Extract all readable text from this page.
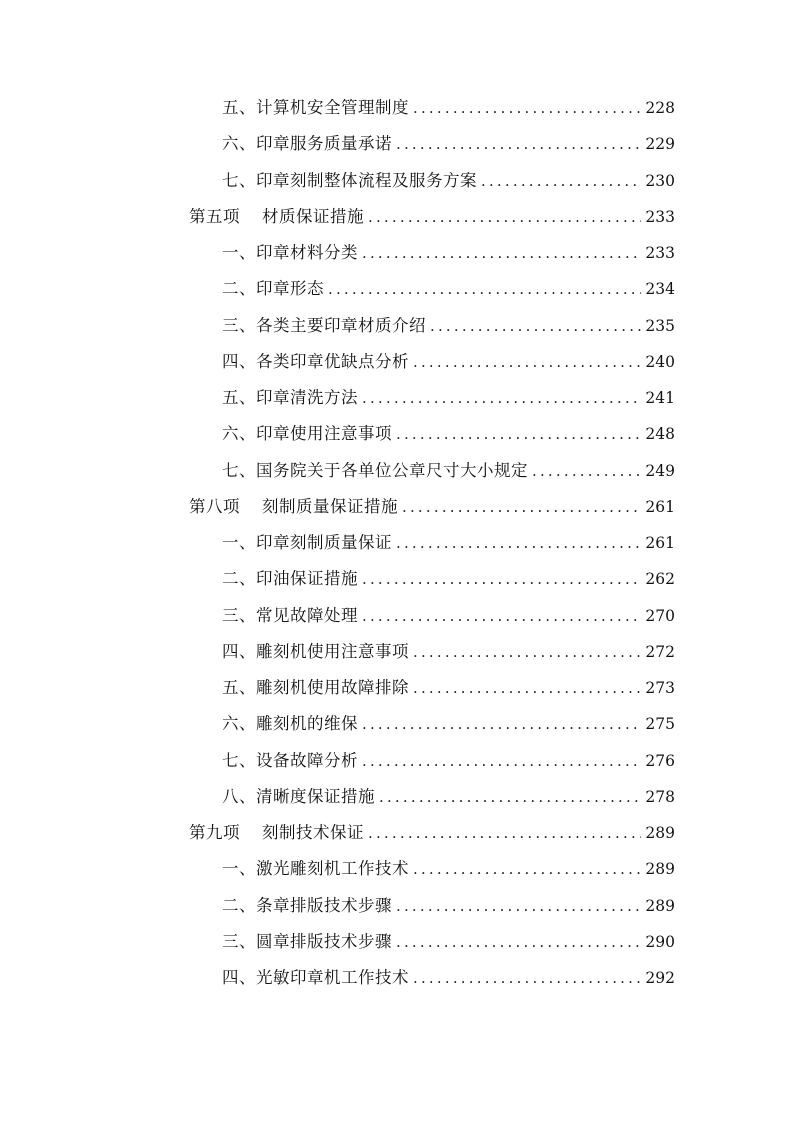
五、计算机安全管理制度 .....	228
六、印章服务质量承诺 .....	229
七、印章刻制整体流程及服务方案 .....	230
第五项 材质保证措施 .....	233
一、印章材料分类 .....	233
二、印章形态 .....	234
三、各类主要印章材质介绍 .....	235
四、各类印章优缺点分析 .....	240
五、印章清洗方法 .....	241
六、印章使用注意事项 .....	248
七、国务院关于各单位公章尺寸大小规定 .....	249
第八项 刻制质量保证措施 .....	261
一、印章刻制质量保证 .....	261
二、印油保证措施 .....	262
三、常见故障处理 .....	270
四、雕刻机使用注意事项 .....	272
五、雕刻机使用故障排除 .....	273
六、雕刻机的维保 .....	275
七、设备故障分析 .....	276
八、清晰度保证措施 .....	278
第九项 刻制技术保证 .....	289
一、激光雕刻机工作技术 .....	289
二、条章排版技术步骤 .....	289
三、圆章排版技术步骤 .....	290
四、光敏印章机工作技术 .....	292
